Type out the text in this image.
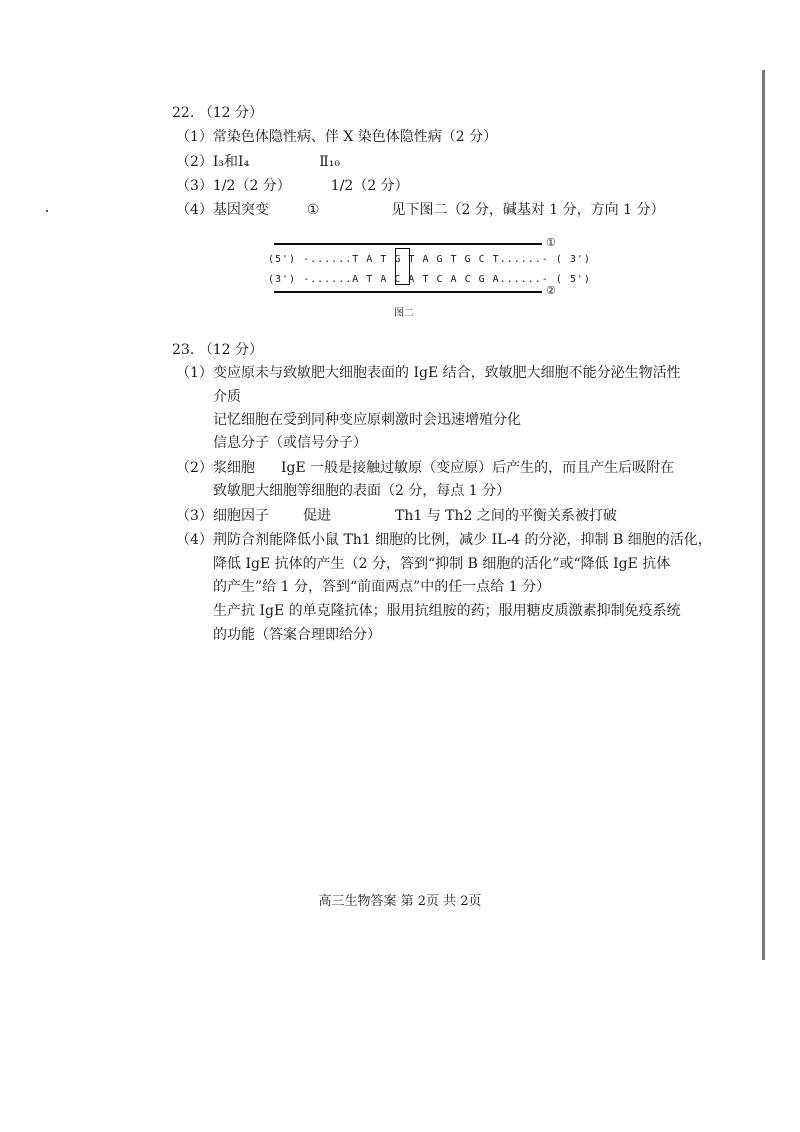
22. （12 分）
（1）常染色体隐性病、伴 X 染色体隐性病（2 分）
（2）Ⅰ₃和Ⅰ₄	Ⅱ₁₀
（3）1/2（2 分）	1/2（2 分）
（4）基因突变	①	见下图二（2 分，碱基对 1 分，方向 1 分）
①
(5') -......T A T G T A G T G C T......- ( 3')
(3') -......A T A C A T C A C G A......- ( 5')
②
图二
23. （12 分）
（1） 变应原未与致敏肥大细胞表面的 IgE 结合，致敏肥大细胞不能分泌生物活性
介质
记忆细胞在受到同种变应原刺激时会迅速增殖分化
信息分子（或信号分子）
（2） 浆细胞 IgE 一般是接触过敏原（变应原）后产生的，而且产生后吸附在
致敏肥大细胞等细胞的表面（2 分，每点 1 分）
（3） 细胞因子 促进	Th1 与 Th2 之间的平衡关系被打破
（4） 荆防合剂能降低小鼠 Th1 细胞的比例，减少 IL-4 的分泌，抑制 B 细胞的活化，
降低 IgE 抗体的产生（2 分，答到“抑制 B 细胞的活化”或“降低 IgE 抗体
的产生”给 1 分，答到“前面两点”中的任一点给 1 分）
生产抗 IgE 的单克隆抗体；服用抗组胺的药；服用糖皮质激素抑制免疫系统
的功能（答案合理即给分）
高三生物答案 第 2页 共 2页
